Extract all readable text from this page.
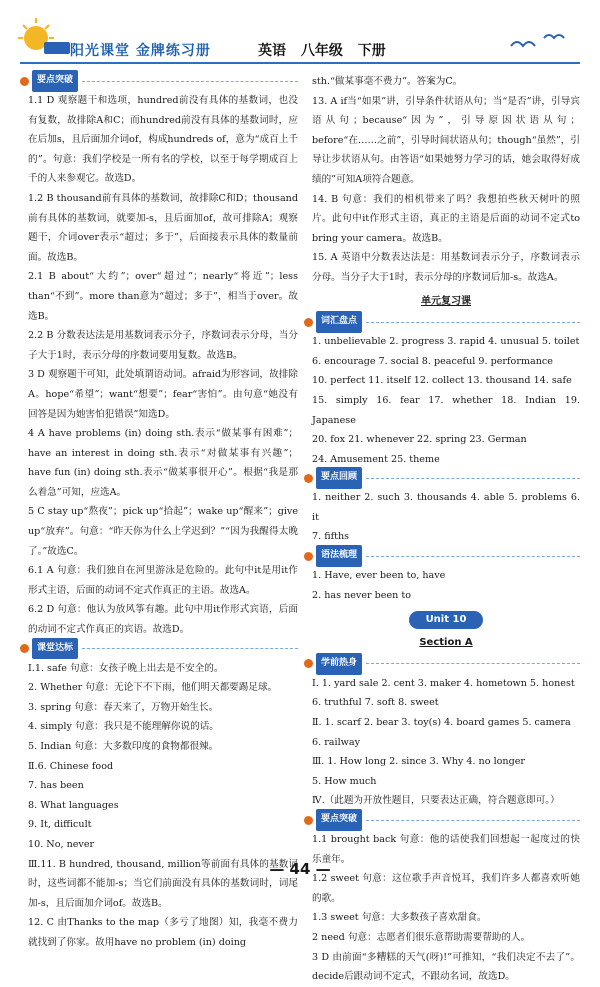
阳光课堂 金牌练习册	英语 八年级 下册
要点突破

1.1 D 观察题干和选项，hundred前没有具体的基数词，也没有复数，故排除A和C；而hundred前没有具体的基数词时，应在后加s，且后面加介词of，构成hundreds of，意为“成百上千的”。句意：我们学校是一所有名的学校，以至于每学期成百上千的人来参观它。故选D。

1.2 B thousand前有具体的基数词，故排除C和D；thousand前有具体的基数词，就要加-s，且后面加of，故可排除A；观察题干，介词over表示“超过；多于”，后面接表示具体的数量前面。故选B。

2.1 B about“大约”；over“超过”；nearly“将近”；less than“不到”。more than意为“超过；多于”，相当于over。故选B。

2.2 B 分数表达法是用基数词表示分子，序数词表示分母，当分子大于1时，表示分母的序数词要用复数。故选B。

3 D 观察题干可知，此处填谓语动词。afraid为形容词，故排除A。hope“希望”；want“想要”；fear“害怕”。由句意“她没有回答是因为她害怕犯错误”知选D。

4 A have problems (in) doing sth.表示“做某事有困难”；have an interest in doing sth.表示“对做某事有兴趣”；have fun (in) doing sth.表示“做某事很开心”。根据“我是那么着急”可知，应选A。

5 C stay up“熬夜”；pick up“拾起”；wake up“醒来”；give up“放弃”。句意：“昨天你为什么上学迟到？”“因为我醒得太晚了。”故选C。

6.1 A 句意：我们独自在河里游泳是危险的。此句中it是用it作形式主语，后面的动词不定式作真正的主语。故选A。

6.2 D 句意：他认为放风筝有趣。此句中用it作形式宾语，后面的动词不定式作真正的宾语。故选D。

课堂达标

Ⅰ.1. safe 句意：女孩子晚上出去是不安全的。

2. Whether 句意：无论下不下雨，他们明天都要踢足球。

3. spring 句意：春天来了，万物开始生长。

4. simply 句意：我只是不能理解你说的话。

5. Indian 句意：大多数印度的食物都很辣。

Ⅱ.6. Chinese food

7. has been

8. What languages

9. It, difficult

10. No, never

Ⅲ.11. B hundred, thousand, million等前面有具体的基数词时，这些词都不能加-s；当它们前面没有具体的基数词时，词尾加-s，且后面加介词of。故选B。

12. C 由Thanks to the map（多亏了地图）知，我毫不费力就找到了你家。故用have no problem (in) doing

sth.“做某事毫不费力”。答案为C。

13. A if当“如果”讲，引导条件状语从句；当“是否”讲，引导宾语从句；because“因为”，引导原因状语从句；before“在……之前”，引导时间状语从句；though“虽然”，引导让步状语从句。由答语“如果她努力学习的话，她会取得好成绩的”可知A项符合题意。

14. B 句意：我们的相机带来了吗？我想拍些秋天树叶的照片。此句中it作形式主语，真正的主语是后面的动词不定式to bring your camera。故选B。

15. A 英语中分数表达法是：用基数词表示分子，序数词表示分母。当分子大于1时，表示分母的序数词后加-s。故选A。

单元复习课
词汇盘点

1. unbelievable 2. progress 3. rapid 4. unusual 5. toilet

6. encourage 7. social 8. peaceful 9. performance

10. perfect 11. itself 12. collect 13. thousand 14. safe

15. simply 16. fear 17. whether 18. Indian 19. Japanese

20. fox 21. whenever 22. spring 23. German

24. Amusement 25. theme

要点回顾

1. neither 2. such 3. thousands 4. able 5. problems 6. it

7. fifths

语法梳理

1. Have, ever been to, have

2. has never been to

Unit 10
Section A
学前热身

Ⅰ. 1. yard sale 2. cent 3. maker 4. hometown 5. honest

6. truthful 7. soft 8. sweet

Ⅱ. 1. scarf 2. bear 3. toy(s) 4. board games 5. camera

6. railway

Ⅲ. 1. How long 2. since 3. Why 4. no longer

5. How much

Ⅳ.（此题为开放性题目，只要表达正确，符合题意即可。）

要点突破

1.1 brought back 句意：他的话使我们回想起一起度过的快乐童年。

1.2 sweet 句意：这位歌手声音悦耳，我们许多人都喜欢听她的歌。

1.3 sweet 句意：大多数孩子喜欢甜食。

2 need 句意：志愿者们很乐意帮助需要帮助的人。

3 D 由前面“多糟糕的天气(呀)!”可推知，“我们决定不去了”。decide后跟动词不定式，不跟动名词，故选D。

— 44 —
